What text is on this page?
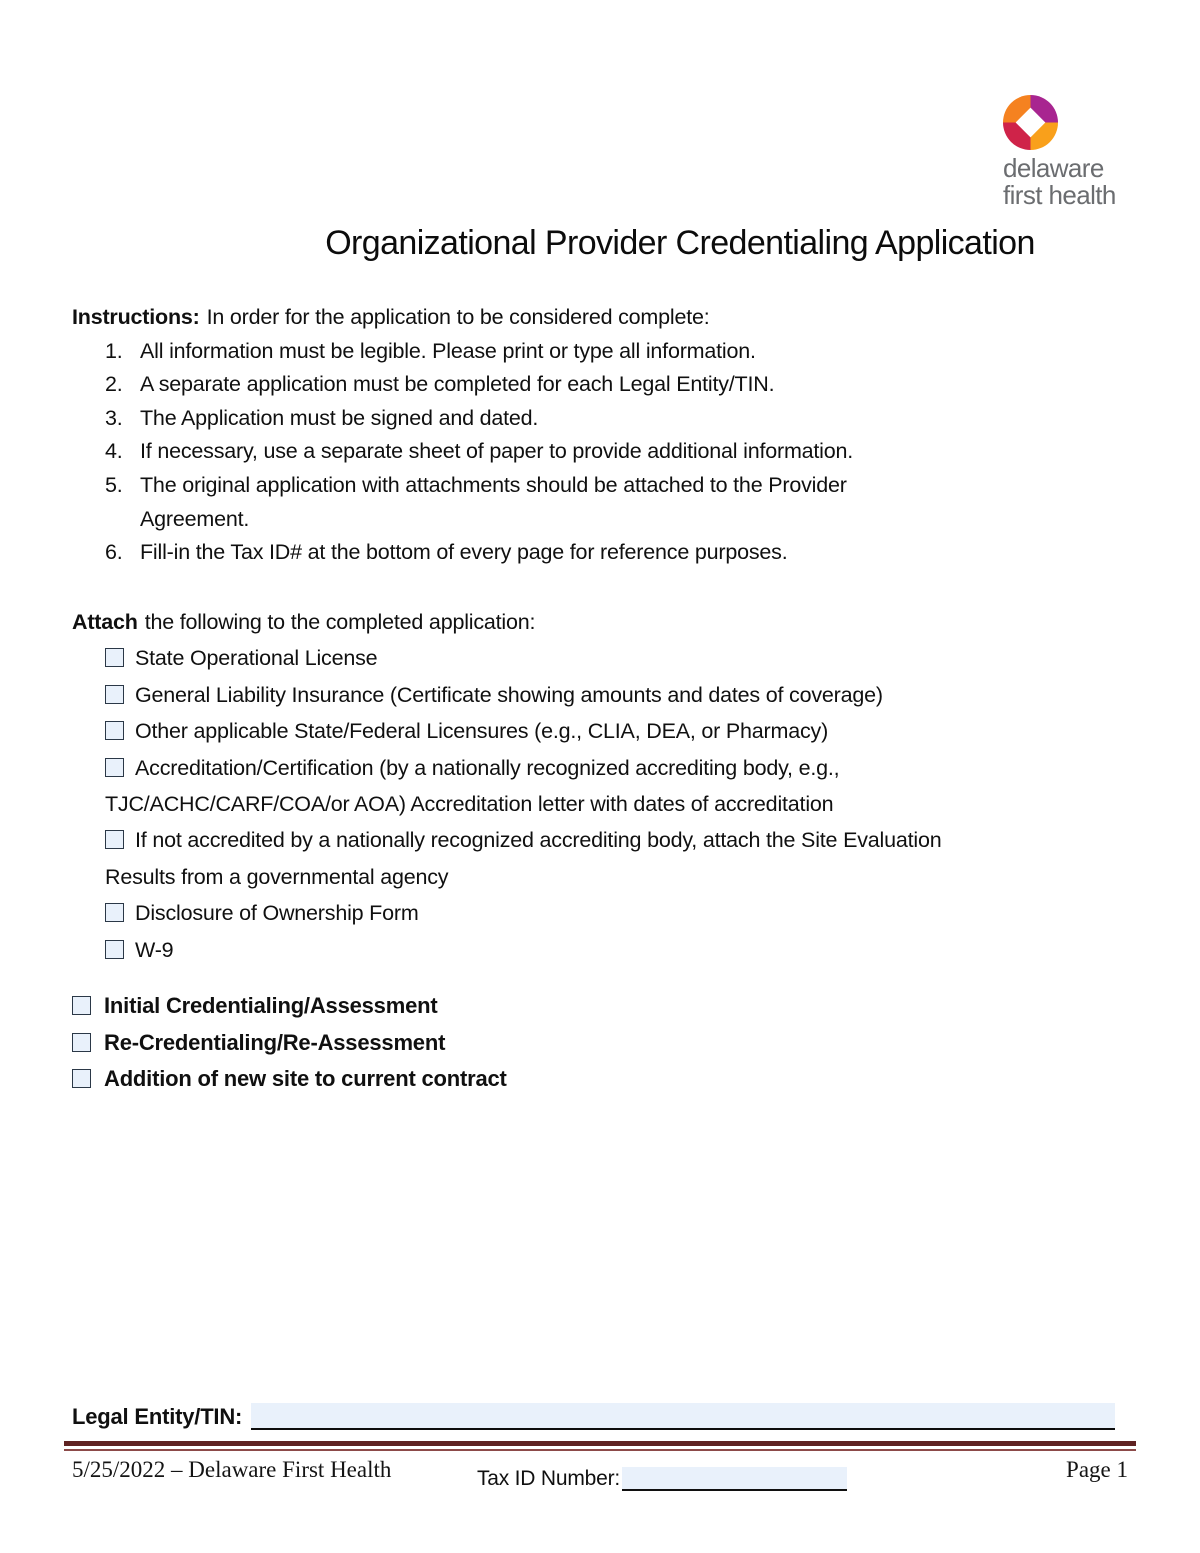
delaware
first health
Organizational Provider Credentialing Application
Instructions: In order for the application to be considered complete:
1. All information must be legible. Please print or type all information.
2. A separate application must be completed for each Legal Entity/TIN.
3. The Application must be signed and dated.
4. If necessary, use a separate sheet of paper to provide additional information.
5. The original application with attachments should be attached to the Provider
Agreement.
6. Fill-in the Tax ID# at the bottom of every page for reference purposes.
Attach the following to the completed application:
State Operational License
General Liability Insurance (Certificate showing amounts and dates of coverage)
Other applicable State/Federal Licensures (e.g., CLIA, DEA, or Pharmacy)
Accreditation/Certification (by a nationally recognized accrediting body, e.g.,
TJC/ACHC/CARF/COA/or AOA) Accreditation letter with dates of accreditation
If not accredited by a nationally recognized accrediting body, attach the Site Evaluation
Results from a governmental agency
Disclosure of Ownership Form
W-9
Initial Credentialing/Assessment
Re-Credentialing/Re-Assessment
Addition of new site to current contract
Legal Entity/TIN:
5/25/2022 – Delaware First Health	Tax ID Number:	Page 1
